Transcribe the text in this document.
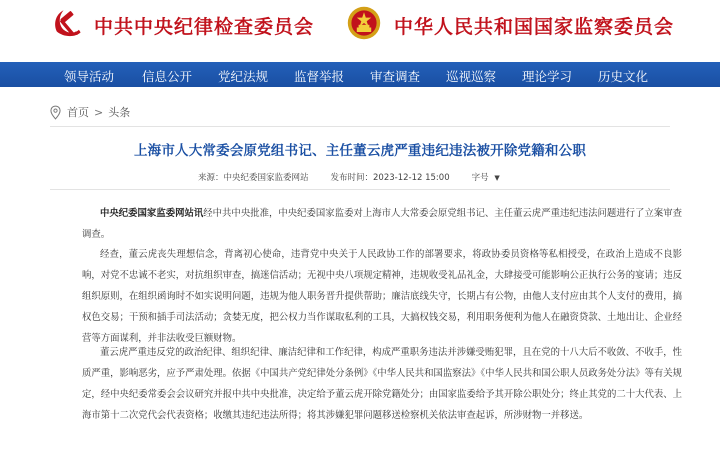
中共中央纪律检查委员会	中华人民共和国国家监察委员会
领导活动 信息公开 党纪法规 监督举报 审查调查 巡视巡察 理论学习 历史文化
首页 > 头条
上海市人大常委会原党组书记、主任董云虎严重违纪违法被开除党籍和公职
来源：中央纪委国家监委网站	发布时间：2023-12-12 15:00	字号 ▼
中央纪委国家监委网站讯经中共中央批准，中央纪委国家监委对上海市人大常委会原党组书记、主任董云虎严重违纪违法问题进行了立案审查调查。
经查，董云虎丧失理想信念，背离初心使命，违背党中央关于人民政协工作的部署要求，将政协委员资格等私相授受，在政治上造成不良影响，对党不忠诚不老实，对抗组织审查，搞迷信活动；无视中央八项规定精神，违规收受礼品礼金，大肆接受可能影响公正执行公务的宴请；违反组织原则，在组织函询时不如实说明问题，违规为他人职务晋升提供帮助；廉洁底线失守，长期占有公物，由他人支付应由其个人支付的费用，搞权色交易；干预和插手司法活动；贪婪无度，把公权力当作谋取私利的工具，大搞权钱交易，利用职务便利为他人在融资贷款、土地出让、企业经营等方面谋利，并非法收受巨额财物。
董云虎严重违反党的政治纪律、组织纪律、廉洁纪律和工作纪律，构成严重职务违法并涉嫌受贿犯罪，且在党的十八大后不收敛、不收手，性质严重，影响恶劣，应予严肃处理。依据《中国共产党纪律处分条例》《中华人民共和国监察法》《中华人民共和国公职人员政务处分法》等有关规定，经中央纪委常委会会议研究并报中共中央批准，决定给予董云虎开除党籍处分；由国家监委给予其开除公职处分；终止其党的二十大代表、上海市第十二次党代会代表资格；收缴其违纪违法所得；将其涉嫌犯罪问题移送检察机关依法审查起诉，所涉财物一并移送。
